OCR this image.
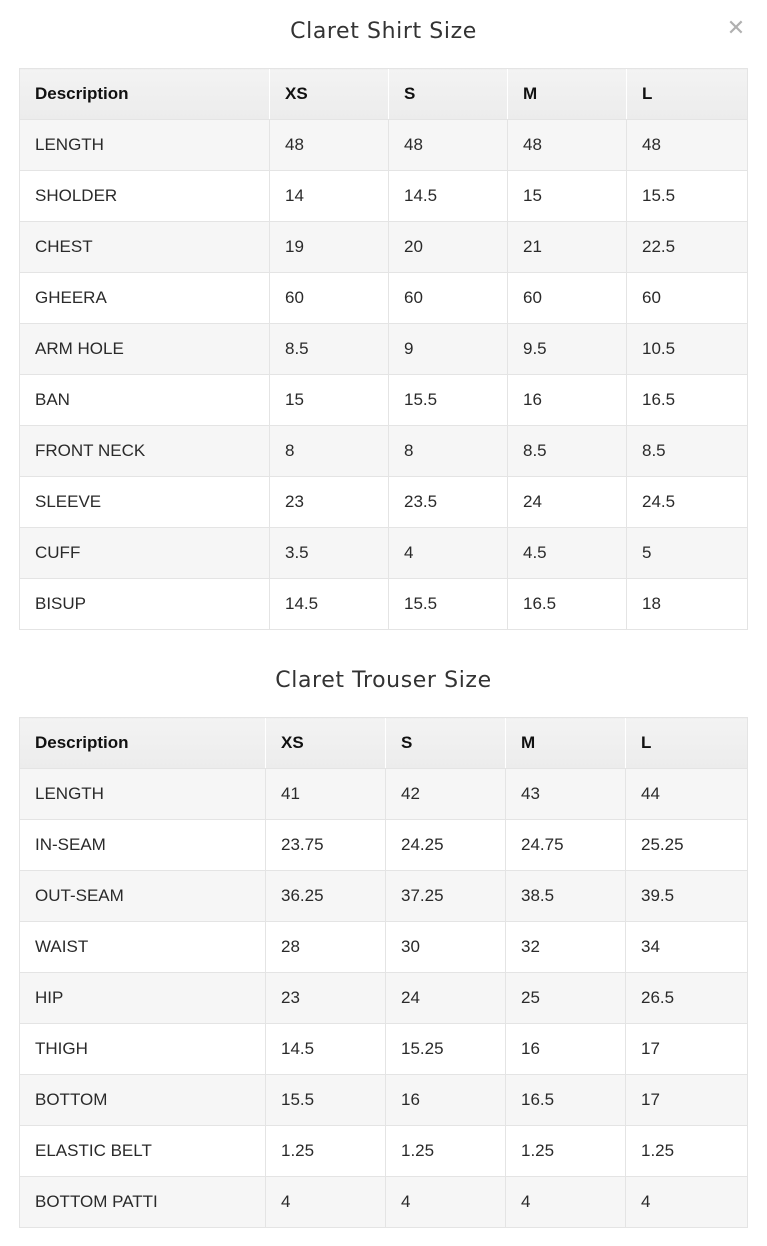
✕
Claret Shirt Size
Description	XS	S	M	L
LENGTH	48	48	48	48
SHOLDER	14	14.5	15	15.5
CHEST	19	20	21	22.5
GHEERA	60	60	60	60
ARM HOLE	8.5	9	9.5	10.5
BAN	15	15.5	16	16.5
FRONT NECK	8	8	8.5	8.5
SLEEVE	23	23.5	24	24.5
CUFF	3.5	4	4.5	5
BISUP	14.5	15.5	16.5	18
Claret Trouser Size
Description	XS	S	M	L
LENGTH	41	42	43	44
IN-SEAM	23.75	24.25	24.75	25.25
OUT-SEAM	36.25	37.25	38.5	39.5
WAIST	28	30	32	34
HIP	23	24	25	26.5
THIGH	14.5	15.25	16	17
BOTTOM	15.5	16	16.5	17
ELASTIC BELT	1.25	1.25	1.25	1.25
BOTTOM PATTI	4	4	4	4
